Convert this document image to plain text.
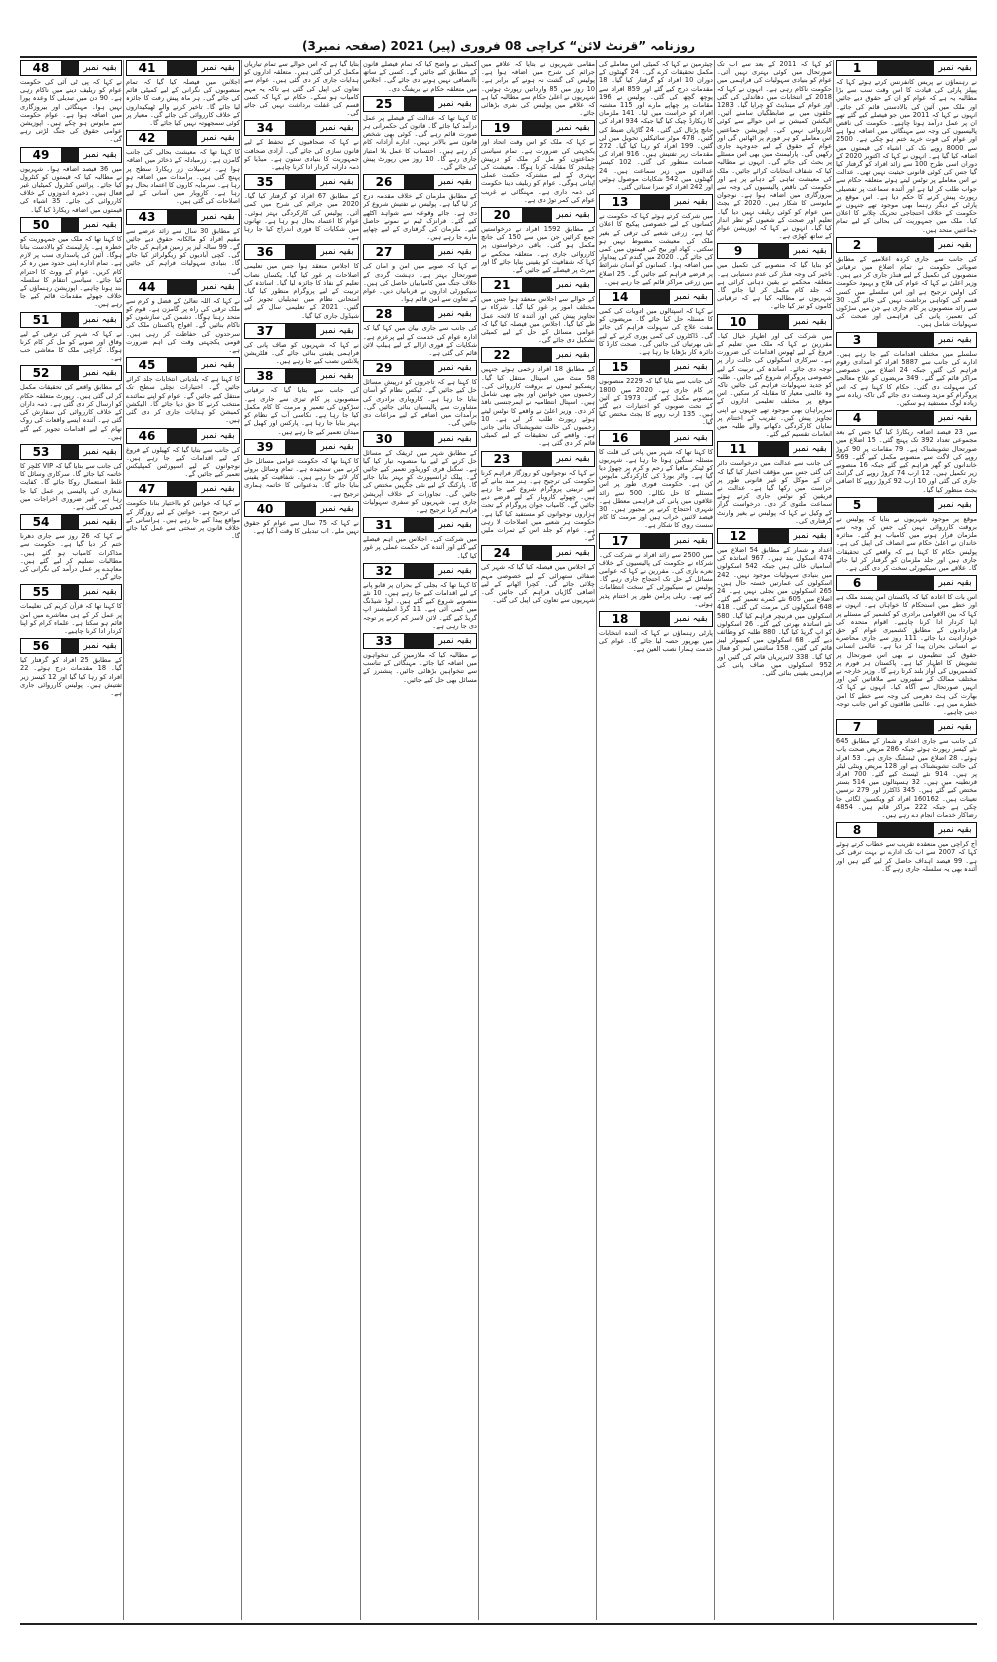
روزنامہ ”قرنٹ لائن“ کراچی 08 فروری (پیر) 2021 (صفحہ نمبر3)
1	بقیہ نمبر
نے رہنماؤں نے پریس کانفرنس کرتے ہوئے کہا کہ پیپلز پارٹی کی قیادت کا اس وقت سب سے بڑا مطالبہ یہ ہے کہ عوام کو ان کے حقوق دیے جائیں اور ملک میں آئین کی بالادستی قائم کی جائے۔ انہوں نے کہا کہ 2011 میں جو فیصلے کیے گئے تھے ان پر عمل درآمد ہونا چاہیے۔ حکومت کی ناقص پالیسیوں کی وجہ سے مہنگائی میں اضافہ ہوا ہے اور عوام کی قوت خرید ختم ہو چکی ہے۔ 2500 سے 8000 روپے تک کی اشیاء کی قیمتوں میں اضافہ کیا گیا ہے۔ انہوں نے کہا کہ اکتوبر 2020 کے دوران اسی طرح 100 سے زائد افراد کو گرفتار کیا گیا جس کی کوئی قانونی حیثیت نہیں تھی۔ عدالت نے اس معاملے پر نوٹس لیتے ہوئے متعلقہ حکام سے جواب طلب کر لیا ہے اور آئندہ سماعت پر تفصیلی رپورٹ پیش کرنے کا حکم دیا ہے۔ اس موقع پر پارٹی کے دیگر رہنما بھی موجود تھے جنہوں نے حکومت کے خلاف احتجاجی تحریک چلانے کا اعلان کیا۔ ملک میں جمہوریت کی بحالی کے لیے تمام جماعتیں متحد ہیں۔
2	بقیہ نمبر
کی جانب سے جاری کردہ اعلامیے کے مطابق صوبائی حکومت نے تمام اضلاع میں ترقیاتی منصوبوں کی تکمیل کے لیے فنڈز جاری کر دیے ہیں۔ وزیر اعلیٰ نے کہا کہ عوام کی فلاح و بہبود حکومت کی اولین ترجیح ہے اور اس سلسلے میں کسی قسم کی کوتاہی برداشت نہیں کی جائے گی۔ 30 سے زائد منصوبوں پر کام جاری ہے جن میں سڑکوں کی تعمیر، پانی کی فراہمی اور صحت کی سہولیات شامل ہیں۔
3	بقیہ نمبر
سلسلے میں مختلف اقدامات کیے جا رہے ہیں۔ ادارے کی جانب سے 5887 افراد کو امدادی رقوم فراہم کی گئیں جبکہ 24 اضلاع میں خصوصی مراکز قائم کیے گئے۔ 349 مریضوں کو علاج معالجے کی سہولت دی گئی۔ حکام کا کہنا ہے کہ اس پروگرام کو مزید وسعت دی جائے گی تاکہ زیادہ سے زیادہ لوگ مستفید ہو سکیں۔
4	بقیہ نمبر
میں 23 فیصد اضافہ ریکارڈ کیا گیا جس کے بعد مجموعی تعداد 392 تک پہنچ گئی۔ 15 اضلاع میں صورتحال تشویشناک ہے۔ 79 مقامات پر 90 کروڑ روپے کی لاگت سے منصوبے مکمل کیے گئے۔ 569 خاندانوں کو گھر فراہم کیے گئے جبکہ 16 منصوبے زیر تکمیل ہیں۔ 12 ارب 74 کروڑ روپے کی گرانٹ جاری کی گئی اور 10 ارب 92 کروڑ روپے کا اضافی بجٹ منظور کیا گیا۔
5	بقیہ نمبر
موقع پر موجود شہریوں نے بتایا کہ پولیس نے بروقت کارروائی نہیں کی جس کی وجہ سے ملزمان فرار ہونے میں کامیاب ہو گئے۔ متاثرہ خاندان نے اعلیٰ حکام سے انصاف کی اپیل کی ہے۔ پولیس حکام کا کہنا ہے کہ واقعے کی تحقیقات جاری ہیں اور جلد ملزمان کو گرفتار کر لیا جائے گا۔ علاقے میں سیکیورٹی سخت کر دی گئی ہے۔
6	بقیہ نمبر
اس بات کا اعادہ کیا کہ پاکستان امن پسند ملک ہے اور خطے میں استحکام کا خواہاں ہے۔ انہوں نے کہا کہ بین الاقوامی برادری کو کشمیر کے مسئلے پر اپنا کردار ادا کرنا چاہیے۔ اقوام متحدہ کی قراردادوں کے مطابق کشمیری عوام کو حق خودارادیت دیا جائے۔ 111 روز سے جاری محاصرے نے انسانی بحران پیدا کر دیا ہے۔ عالمی انسانی حقوق کی تنظیموں نے بھی اس صورتحال پر تشویش کا اظہار کیا ہے۔ پاکستان ہر فورم پر کشمیریوں کی آواز بلند کرتا رہے گا۔ وزیر خارجہ نے مختلف ممالک کے سفیروں سے ملاقاتیں کیں اور انہیں صورتحال سے آگاہ کیا۔ انہوں نے کہا کہ بھارت کی ہٹ دھرمی کی وجہ سے خطے کا امن خطرے میں ہے۔ عالمی طاقتوں کو اس جانب توجہ دینی چاہیے۔
7	بقیہ نمبر
کی جانب سے جاری اعداد و شمار کے مطابق 645 نئے کیسز رپورٹ ہوئے جبکہ 286 مریض صحت یاب ہوئے۔ 28 اضلاع میں ٹیسٹنگ جاری ہے۔ 53 افراد کی حالت تشویشناک ہے اور 128 مریض وینٹی لیٹر پر ہیں۔ 914 نئے ٹیسٹ کیے گئے۔ 700 افراد قرنطینہ میں ہیں۔ 32 ہسپتالوں میں 514 بستر مختص کیے گئے ہیں۔ 345 ڈاکٹرز اور 279 نرسیں تعینات ہیں۔ 160162 افراد کو ویکسین لگائی جا چکی ہے جبکہ 222 مراکز قائم ہیں۔ 4854 رضاکار خدمات انجام دے رہے ہیں۔
8	بقیہ نمبر
آج کراچی میں منعقدہ تقریب سے خطاب کرتے ہوئے کہا کہ 2007 سے اب تک ادارے نے بہت ترقی کی ہے۔ 99 فیصد اہداف حاصل کر لیے گئے ہیں اور آئندہ بھی یہ سلسلہ جاری رہے گا۔
کو کہا کہ 2011 کے بعد سے اب تک صورتحال میں کوئی بہتری نہیں آئی۔ عوام کو بنیادی سہولیات کی فراہمی میں حکومت ناکام رہی ہے۔ انہوں نے کہا کہ 2018 کے انتخابات میں دھاندلی کی گئی اور عوام کے مینڈیٹ کو چرایا گیا۔ 1283 حلقوں میں بے ضابطگیاں سامنے آئیں۔ الیکشن کمیشن نے اس حوالے سے کوئی کارروائی نہیں کی۔ اپوزیشن جماعتیں اس معاملے کو ہر فورم پر اٹھائیں گی اور عوام کے حقوق کے لیے جدوجہد جاری رکھیں گی۔ پارلیمنٹ میں بھی اس مسئلے پر بحث کی جائے گی۔ انہوں نے مطالبہ کیا کہ شفاف انتخابات کرائے جائیں۔ ملک کی معیشت تباہی کے دہانے پر ہے اور حکومت کی ناقص پالیسیوں کی وجہ سے بیروزگاری میں اضافہ ہوا ہے۔ نوجوان مایوسی کا شکار ہیں۔ 2020 کے بجٹ میں عوام کو کوئی ریلیف نہیں دیا گیا۔ تعلیم اور صحت کے شعبوں کو نظر انداز کیا گیا۔ انہوں نے کہا کہ اپوزیشن عوام کے ساتھ کھڑی ہے۔
9	بقیہ نمبر
کو بتایا گیا کہ منصوبے کی تکمیل میں تاخیر کی وجہ فنڈز کی عدم دستیابی ہے۔ متعلقہ محکمے نے یقین دہانی کرائی ہے کہ جلد کام مکمل کر لیا جائے گا۔ شہریوں نے مطالبہ کیا ہے کہ ترقیاتی کاموں کو تیز کیا جائے۔
10	بقیہ نمبر
میں شرکت کی اور اظہار خیال کیا۔ مقررین نے کہا کہ ملک میں تعلیم کے فروغ کے لیے ٹھوس اقدامات کی ضرورت ہے۔ سرکاری اسکولوں کی حالت زار پر توجہ دی جائے۔ اساتذہ کی تربیت کے لیے خصوصی پروگرام شروع کیے جائیں۔ طلبہ کو جدید سہولیات فراہم کی جائیں تاکہ وہ عالمی معیار کا مقابلہ کر سکیں۔ اس موقع پر مختلف تعلیمی اداروں کے سربراہان بھی موجود تھے جنہوں نے اپنی تجاویز پیش کیں۔ تقریب کے اختتام پر نمایاں کارکردگی دکھانے والے طلبہ میں انعامات تقسیم کیے گئے۔
11	بقیہ نمبر
کی جانب سے عدالت میں درخواست دائر کی گئی جس میں مؤقف اختیار کیا گیا کہ ان کے موکل کو غیر قانونی طور پر حراست میں رکھا گیا ہے۔ عدالت نے فریقین کو نوٹس جاری کرتے ہوئے سماعت ملتوی کر دی۔ درخواست گزار کے وکیل نے کہا کہ پولیس نے بغیر وارنٹ گرفتاری کی۔
12	بقیہ نمبر
اعداد و شمار کے مطابق 54 اضلاع میں 474 اسکول بند ہیں۔ 967 اساتذہ کی آسامیاں خالی ہیں جبکہ 542 اسکولوں میں بنیادی سہولیات موجود نہیں۔ 242 اسکولوں کی عمارتیں خستہ حال ہیں۔ 265 اسکولوں میں بجلی نہیں ہے۔ 24 اضلاع میں 605 نئے کمرے تعمیر کیے گئے۔ 648 اسکولوں کی مرمت کی گئی۔ 418 اسکولوں میں فرنیچر فراہم کیا گیا۔ 580 نئے اساتذہ بھرتی کیے گئے۔ 26 اسکولوں کو اپ گریڈ کیا گیا۔ 880 طلبہ کو وظائف دیے گئے۔ 68 اسکولوں میں کمپیوٹر لیبز قائم کی گئیں۔ 158 سائنس لیبز کو فعال کیا گیا۔ 338 لائبریریاں قائم کی گئیں اور 952 اسکولوں میں صاف پانی کی فراہمی یقینی بنائی گئی۔
چیئرمین نے کہا کہ کمیٹی اس معاملے کی مکمل تحقیقات کرے گی۔ 24 گھنٹوں کے دوران 10 افراد کو گرفتار کیا گیا۔ 18 مقدمات درج کیے گئے اور 859 افراد سے پوچھ گچھ کی گئی۔ پولیس نے 196 مقامات پر چھاپے مارے اور 115 مشتبہ افراد کو حراست میں لیا۔ 141 ملزمان کا ریکارڈ چیک کیا گیا جبکہ 934 افراد کی جانچ پڑتال کی گئی۔ 24 گاڑیاں ضبط کی گئیں۔ 478 موٹر سائیکلیں تحویل میں لی گئیں۔ 199 افراد کو رہا کیا گیا۔ 272 مقدمات زیر تفتیش ہیں۔ 916 افراد کی ضمانت منظور کی گئی۔ 102 کیسز عدالتوں میں زیر سماعت ہیں۔ 24 گھنٹوں میں 542 شکایات موصول ہوئیں اور 242 افراد کو سزا سنائی گئی۔
13	بقیہ نمبر
میں شرکت کرتے ہوئے کہا کہ حکومت نے کسانوں کے لیے خصوصی پیکیج کا اعلان کیا ہے۔ زرعی شعبے کی ترقی کے بغیر ملک کی معیشت مضبوط نہیں ہو سکتی۔ کھاد اور بیج کی قیمتوں میں کمی کی جائے گی۔ 2020 میں گندم کی پیداوار میں اضافہ ہوا۔ کسانوں کو آسان شرائط پر قرضے فراہم کیے جائیں گے۔ 25 اضلاع میں زرعی مراکز قائم کیے جا رہے ہیں۔
14	بقیہ نمبر
نے کہا کہ اسپتالوں میں ادویات کی کمی کا مسئلہ حل کیا جائے گا۔ مریضوں کو مفت علاج کی سہولت فراہم کی جائے گی۔ ڈاکٹروں کی کمی پوری کرنے کے لیے نئی بھرتیاں کی جائیں گی۔ صحت کارڈ کا دائرہ کار بڑھایا جا رہا ہے۔
15	بقیہ نمبر
کی جانب سے بتایا گیا کہ 2229 منصوبوں پر کام جاری ہے۔ 2020 میں 1800 منصوبے مکمل کیے گئے۔ 1973 کے آئین کے تحت صوبوں کو اختیارات دیے گئے ہیں۔ 135 ارب روپے کا بجٹ مختص کیا گیا۔
16	بقیہ نمبر
کا کہنا تھا کہ شہر میں پانی کی قلت کا مسئلہ سنگین ہوتا جا رہا ہے۔ شہریوں کو ٹینکر مافیا کے رحم و کرم پر چھوڑ دیا گیا ہے۔ واٹر بورڈ کی کارکردگی مایوس کن ہے۔ حکومت فوری طور پر اس مسئلے کا حل نکالے۔ 500 سے زائد علاقوں میں پانی کی فراہمی معطل ہے۔ شہری احتجاج کرنے پر مجبور ہیں۔ 30 فیصد لائنیں خراب ہیں اور مرمت کا کام سست روی کا شکار ہے۔
17	بقیہ نمبر
میں 2500 سے زائد افراد نے شرکت کی۔ شرکاء نے حکومت کی پالیسیوں کے خلاف نعرے بازی کی۔ مقررین نے کہا کہ عوامی مسائل کے حل تک احتجاج جاری رہے گا۔ پولیس نے سیکیورٹی کے سخت انتظامات کیے تھے۔ ریلی پرامن طور پر اختتام پذیر ہوئی۔
18	بقیہ نمبر
پارٹی رہنماؤں نے کہا کہ آئندہ انتخابات میں بھرپور حصہ لیا جائے گا۔ عوام کی خدمت ہمارا نصب العین ہے۔
مقامی شہریوں نے بتایا کہ علاقے میں جرائم کی شرح میں اضافہ ہوا ہے۔ پولیس کی گشت نہ ہونے کے برابر ہے۔ 10 روز میں 85 وارداتیں رپورٹ ہوئیں۔ شہریوں نے اعلیٰ حکام سے مطالبہ کیا ہے کہ علاقے میں پولیس کی نفری بڑھائی جائے۔
19	بقیہ نمبر
نے کہا کہ ملک کو اس وقت اتحاد اور یکجہتی کی ضرورت ہے۔ تمام سیاسی جماعتوں کو مل کر ملک کو درپیش چیلنجز کا مقابلہ کرنا ہوگا۔ معیشت کی بہتری کے لیے مشترکہ حکمت عملی اپنانی ہوگی۔ عوام کو ریلیف دینا حکومت کی ذمہ داری ہے۔ مہنگائی نے غریب عوام کی کمر توڑ دی ہے۔
20	بقیہ نمبر
کے مطابق 1592 افراد نے درخواستیں جمع کرائیں جن میں سے 150 کی جانچ مکمل ہو گئی۔ باقی درخواستوں پر کارروائی جاری ہے۔ متعلقہ محکمے نے کہا کہ شفافیت کو یقینی بنایا جائے گا اور میرٹ پر فیصلے کیے جائیں گے۔
21	بقیہ نمبر
کے حوالے سے اجلاس منعقد ہوا جس میں مختلف امور پر غور کیا گیا۔ شرکاء نے تجاویز پیش کیں اور آئندہ کا لائحہ عمل طے کیا گیا۔ اجلاس میں فیصلہ کیا گیا کہ عوامی مسائل کے حل کے لیے کمیٹی تشکیل دی جائے گی۔
22	بقیہ نمبر
کے مطابق 18 افراد زخمی ہوئے جنہیں 58 منٹ میں اسپتال منتقل کیا گیا۔ ریسکیو ٹیموں نے بروقت کارروائی کی۔ زخمیوں میں خواتین اور بچے بھی شامل ہیں۔ اسپتال انتظامیہ نے ایمرجنسی نافذ کر دی۔ وزیر اعلیٰ نے واقعے کا نوٹس لیتے ہوئے رپورٹ طلب کر لی ہے۔ 10 زخمیوں کی حالت تشویشناک بتائی جاتی ہے۔ واقعے کی تحقیقات کے لیے کمیٹی قائم کر دی گئی ہے۔
23	بقیہ نمبر
نے کہا کہ نوجوانوں کو روزگار فراہم کرنا حکومت کی ترجیح ہے۔ ہنر مند بنانے کے لیے تربیتی پروگرام شروع کیے جا رہے ہیں۔ چھوٹے کاروبار کے لیے قرضے دیے جائیں گے۔ کامیاب جوان پروگرام کے تحت ہزاروں نوجوانوں کو مستفید کیا گیا ہے۔ حکومت ہر شعبے میں اصلاحات لا رہی ہے۔ عوام کو جلد اس کے ثمرات ملیں گے۔
24	بقیہ نمبر
کے اجلاس میں فیصلہ کیا گیا کہ شہر کی صفائی ستھرائی کے لیے خصوصی مہم چلائی جائے گی۔ کچرا اٹھانے کے لیے اضافی گاڑیاں فراہم کی جائیں گی۔ شہریوں سے تعاون کی اپیل کی گئی۔
کمیٹی نے واضح کیا کہ تمام فیصلے قانون کے مطابق کیے جائیں گے۔ کسی کے ساتھ ناانصافی نہیں ہونے دی جائے گی۔ اجلاس میں متعلقہ حکام نے بریفنگ دی۔
25	بقیہ نمبر
کا کہنا تھا کہ عدالت کے فیصلے پر عمل درآمد کیا جائے گا۔ قانون کی حکمرانی ہر صورت قائم رہے گی۔ کوئی بھی شخص قانون سے بالاتر نہیں۔ ادارے آزادانہ کام کر رہے ہیں۔ احتساب کا عمل بلا امتیاز جاری رہے گا۔ 10 روز میں رپورٹ پیش کی جائے گی۔
26	بقیہ نمبر
کے مطابق ملزمان کے خلاف مقدمہ درج کر لیا گیا ہے۔ پولیس نے تفتیش شروع کر دی ہے۔ جائے وقوعہ سے شواہد اکٹھے کیے گئے۔ فرانزک ٹیم نے نمونے حاصل کیے۔ ملزمان کی گرفتاری کے لیے چھاپے مارے جا رہے ہیں۔
27	بقیہ نمبر
نے کہا کہ صوبے میں امن و امان کی صورتحال بہتر ہے۔ دہشت گردی کے خلاف جنگ میں کامیابیاں حاصل کی ہیں۔ سیکیورٹی اداروں نے قربانیاں دیں۔ عوام کے تعاون سے امن قائم ہوا۔
28	بقیہ نمبر
کی جانب سے جاری بیان میں کہا گیا کہ ادارہ عوام کی خدمت کے لیے پرعزم ہے۔ شکایات کے فوری ازالے کے لیے ہیلپ لائن قائم کی گئی ہے۔
29	بقیہ نمبر
کا کہنا ہے کہ تاجروں کو درپیش مسائل حل کیے جائیں گے۔ ٹیکس نظام کو آسان بنایا جا رہا ہے۔ کاروباری برادری کی مشاورت سے پالیسیاں بنائی جائیں گی۔ برآمدات میں اضافے کے لیے مراعات دی جائیں گی۔
30	بقیہ نمبر
کے مطابق شہر میں ٹریفک کے مسائل حل کرنے کے لیے نیا منصوبہ تیار کیا گیا ہے۔ سگنل فری کوریڈور تعمیر کیے جائیں گے۔ پبلک ٹرانسپورٹ کو بہتر بنایا جائے گا۔ پارکنگ کے لیے نئی جگہیں مختص کی جائیں گی۔ تجاوزات کے خلاف آپریشن جاری ہے۔ شہریوں کو سفری سہولیات فراہم کرنا ترجیح ہے۔
31	بقیہ نمبر
میں شرکت کی۔ اجلاس میں اہم فیصلے کیے گئے اور آئندہ کی حکمت عملی پر غور کیا گیا۔
32	بقیہ نمبر
کا کہنا تھا کہ بجلی کے بحران پر قابو پانے کے لیے اقدامات کیے جا رہے ہیں۔ 10 نئے منصوبے شروع کیے گئے ہیں۔ لوڈ شیڈنگ میں کمی آئی ہے۔ 11 گرڈ اسٹیشنز اپ گریڈ کیے گئے۔ لائن لاسز کم کرنے پر توجہ دی جا رہی ہے۔
33	بقیہ نمبر
نے مطالبہ کیا کہ ملازمین کی تنخواہوں میں اضافہ کیا جائے۔ مہنگائی کے تناسب سے تنخواہیں بڑھائی جائیں۔ پنشنرز کے مسائل بھی حل کیے جائیں۔
بتایا گیا ہے کہ اس حوالے سے تمام تیاریاں مکمل کر لی گئی ہیں۔ متعلقہ اداروں کو ہدایات جاری کر دی گئی ہیں۔ عوام سے تعاون کی اپیل کی گئی ہے تاکہ یہ مہم کامیاب ہو سکے۔ حکام نے کہا کہ کسی قسم کی غفلت برداشت نہیں کی جائے گی۔
34	بقیہ نمبر
نے کہا کہ صحافیوں کے تحفظ کے لیے قانون سازی کی جائے گی۔ آزادی صحافت جمہوریت کا بنیادی ستون ہے۔ میڈیا کو ذمہ دارانہ کردار ادا کرنا چاہیے۔
35	بقیہ نمبر
کے مطابق 67 افراد کو گرفتار کیا گیا۔ 2020 میں جرائم کی شرح میں کمی آئی۔ پولیس کی کارکردگی بہتر ہوئی۔ عوام کا اعتماد بحال ہو رہا ہے۔ تھانوں میں شکایات کا فوری اندراج کیا جا رہا ہے۔
36	بقیہ نمبر
کا اجلاس منعقد ہوا جس میں تعلیمی اصلاحات پر غور کیا گیا۔ یکساں نصاب تعلیم کے نفاذ کا جائزہ لیا گیا۔ اساتذہ کی تربیت کے لیے پروگرام منظور کیا گیا۔ امتحانی نظام میں تبدیلیاں تجویز کی گئیں۔ 2021 کے تعلیمی سال کے لیے شیڈول جاری کیا گیا۔
37	بقیہ نمبر
نے کہا کہ شہریوں کو صاف پانی کی فراہمی یقینی بنائی جائے گی۔ فلٹریشن پلانٹس نصب کیے جا رہے ہیں۔
38	بقیہ نمبر
کی جانب سے بتایا گیا کہ ترقیاتی منصوبوں پر کام تیزی سے جاری ہے۔ سڑکوں کی تعمیر و مرمت کا کام مکمل کیا جا رہا ہے۔ نکاسی آب کے نظام کو بہتر بنایا جا رہا ہے۔ پارکس اور کھیل کے میدان تعمیر کیے جا رہے ہیں۔
39	بقیہ نمبر
کا کہنا تھا کہ حکومت عوامی مسائل حل کرنے میں سنجیدہ ہے۔ تمام وسائل بروئے کار لائے جا رہے ہیں۔ شفافیت کو یقینی بنایا جائے گا۔ بدعنوانی کا خاتمہ ہماری ترجیح ہے۔
40	بقیہ نمبر
نے کہا کہ 75 سال سے عوام کو حقوق نہیں ملے۔ اب تبدیلی کا وقت آ گیا ہے۔
41	بقیہ نمبر
اجلاس میں فیصلہ کیا گیا کہ تمام منصوبوں کی نگرانی کے لیے کمیٹی قائم کی جائے گی۔ ہر ماہ پیش رفت کا جائزہ لیا جائے گا۔ تاخیر کرنے والے ٹھیکیداروں کے خلاف کارروائی کی جائے گی۔ معیار پر کوئی سمجھوتہ نہیں کیا جائے گا۔
42	بقیہ نمبر
کا کہنا تھا کہ معیشت بحالی کی جانب گامزن ہے۔ زرمبادلہ کے ذخائر میں اضافہ ہوا ہے۔ ترسیلات زر ریکارڈ سطح پر پہنچ گئی ہیں۔ برآمدات میں اضافہ ہو رہا ہے۔ سرمایہ کاروں کا اعتماد بحال ہو رہا ہے۔ کاروبار میں آسانی کے لیے اصلاحات کی گئی ہیں۔
43	بقیہ نمبر
کے مطابق 30 سال سے زائد عرصے سے مقیم افراد کو مالکانہ حقوق دیے جائیں گے۔ 99 سالہ لیز پر زمین فراہم کی جائے گی۔ کچی آبادیوں کو ریگولرائز کیا جائے گا۔ بنیادی سہولیات فراہم کی جائیں گی۔
44	بقیہ نمبر
نے کہا کہ اللہ تعالیٰ کے فضل و کرم سے ملک ترقی کی راہ پر گامزن ہے۔ قوم کو متحد رہنا ہوگا۔ دشمن کی سازشوں کو ناکام بنائیں گے۔ افواج پاکستان ملک کی سرحدوں کی حفاظت کر رہی ہیں۔ قومی یکجہتی وقت کی اہم ضرورت ہے۔
45	بقیہ نمبر
کا کہنا ہے کہ بلدیاتی انتخابات جلد کرائے جائیں گے۔ اختیارات نچلی سطح تک منتقل کیے جائیں گے۔ عوام کو اپنے نمائندے منتخب کرنے کا حق دیا جائے گا۔ الیکشن کمیشن کو ہدایات جاری کر دی گئی ہیں۔
46	بقیہ نمبر
کی جانب سے بتایا گیا کہ کھیلوں کے فروغ کے لیے اقدامات کیے جا رہے ہیں۔ نوجوانوں کے لیے اسپورٹس کمپلیکس تعمیر کیے جائیں گے۔
47	بقیہ نمبر
نے کہا کہ خواتین کو بااختیار بنانا حکومت کی ترجیح ہے۔ خواتین کے لیے روزگار کے مواقع پیدا کیے جا رہے ہیں۔ ہراسانی کے خلاف قانون پر سختی سے عمل کیا جائے گا۔
48	بقیہ نمبر
نے کہا کہ پی ٹی آئی کی حکومت عوام کو ریلیف دینے میں ناکام رہی ہے۔ 90 دن میں تبدیلی کا وعدہ پورا نہیں ہوا۔ مہنگائی اور بیروزگاری میں اضافہ ہوا ہے۔ عوام حکومت سے مایوس ہو چکے ہیں۔ اپوزیشن عوامی حقوق کی جنگ لڑتی رہے گی۔
49	بقیہ نمبر
میں 36 فیصد اضافہ ہوا۔ شہریوں نے مطالبہ کیا کہ قیمتوں کو کنٹرول کیا جائے۔ پرائس کنٹرول کمیٹیاں غیر فعال ہیں۔ ذخیرہ اندوزوں کے خلاف کارروائی کی جائے۔ 35 اشیاء کی قیمتوں میں اضافہ ریکارڈ کیا گیا۔
50	بقیہ نمبر
کا کہنا تھا کہ ملک میں جمہوریت کو خطرہ ہے۔ پارلیمنٹ کو بالادست بنانا ہوگا۔ آئین کی پاسداری سب پر لازم ہے۔ تمام ادارے اپنی حدود میں رہ کر کام کریں۔ عوام کے ووٹ کا احترام کیا جائے۔ سیاسی انتقام کا سلسلہ بند ہونا چاہیے۔ اپوزیشن رہنماؤں کے خلاف جھوٹے مقدمات قائم کیے جا رہے ہیں۔
51	بقیہ نمبر
نے کہا کہ شہر کی ترقی کے لیے وفاق اور صوبے کو مل کر کام کرنا ہوگا۔ کراچی ملک کا معاشی حب ہے۔
52	بقیہ نمبر
کے مطابق واقعے کی تحقیقات مکمل کر لی گئی ہیں۔ رپورٹ متعلقہ حکام کو ارسال کر دی گئی ہے۔ ذمہ داران کے خلاف کارروائی کی سفارش کی گئی ہے۔ آئندہ ایسے واقعات کی روک تھام کے لیے اقدامات تجویز کیے گئے ہیں۔
53	بقیہ نمبر
کی جانب سے بتایا گیا کہ VIP کلچر کا خاتمہ کیا جائے گا۔ سرکاری وسائل کا غلط استعمال روکا جائے گا۔ کفایت شعاری کی پالیسی پر عمل کیا جا رہا ہے۔ غیر ضروری اخراجات میں کمی کی گئی ہے۔
54	بقیہ نمبر
نے کہا کہ 26 روز سے جاری دھرنا ختم کر دیا گیا ہے۔ حکومت سے مذاکرات کامیاب ہو گئے ہیں۔ مطالبات تسلیم کر لیے گئے ہیں۔ معاہدے پر عمل درآمد کی نگرانی کی جائے گی۔
55	بقیہ نمبر
کا کہنا تھا کہ قرآن کریم کی تعلیمات پر عمل کر کے ہی معاشرے میں امن قائم ہو سکتا ہے۔ علماء کرام کو اپنا کردار ادا کرنا چاہیے۔
56	بقیہ نمبر
کے مطابق 25 افراد کو گرفتار کیا گیا۔ 18 مقدمات درج ہوئے۔ 22 افراد کو رہا کیا گیا اور 12 کیسز زیر تفتیش ہیں۔ پولیس کارروائی جاری ہے۔
